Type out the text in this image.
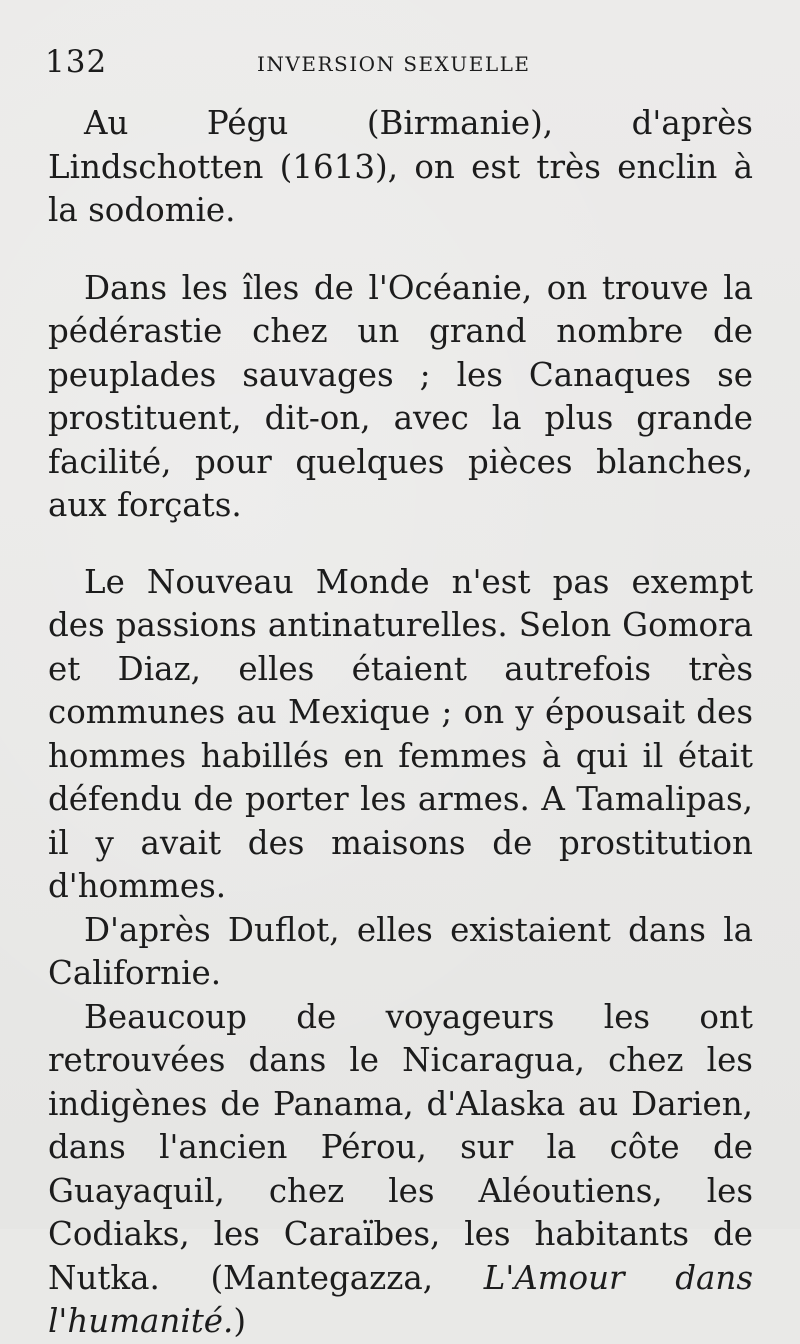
132	INVERSION SEXUELLE

Au Pégu (Birmanie), d'après Lindschotten (1613), on est très enclin à la sodomie.

Dans les îles de l'Océanie, on trouve la pédérastie chez un grand nombre de peuplades sauvages ; les Canaques se prostituent, dit-on, avec la plus grande facilité, pour quelques pièces blanches, aux forçats.

Le Nouveau Monde n'est pas exempt des passions antinaturelles. Selon Gomora et Diaz, elles étaient autrefois très communes au Mexique ; on y épousait des hommes habillés en femmes à qui il était défendu de porter les armes. A Tamalipas, il y avait des maisons de prostitution d'hommes.

D'après Duflot, elles existaient dans la Californie.

Beaucoup de voyageurs les ont retrouvées dans le Nicaragua, chez les indigènes de Panama, d'Alaska au Darien, dans l'ancien Pérou, sur la côte de Guayaquil, chez les Aléoutiens, les Codiaks, les Caraïbes, les habitants de Nutka. (Mantegazza, L'Amour dans l'humanité.)
